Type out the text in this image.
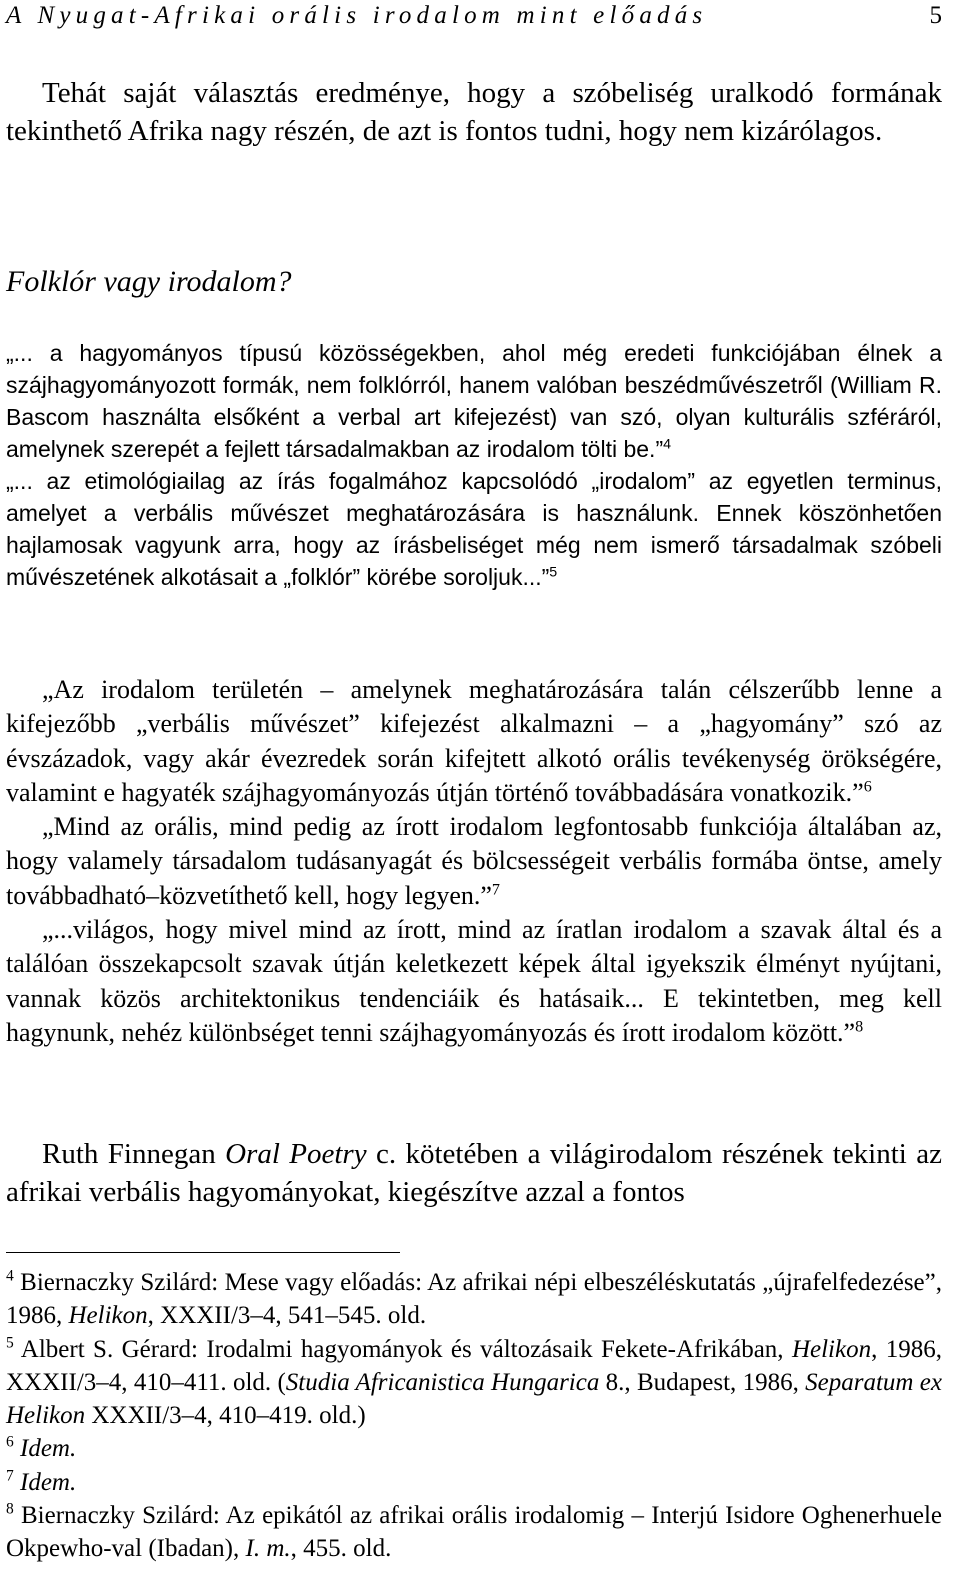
A Nyugat-Afrikai orális irodalom mint előadás	5

Tehát saját választás eredménye, hogy a szóbeliség uralkodó formának tekinthető Afrika nagy részén, de azt is fontos tudni, hogy nem kizárólagos.

Folklór vagy irodalom?

„... a hagyományos típusú közösségekben, ahol még eredeti funkciójában élnek a szájhagyományozott formák, nem folklórról, hanem valóban beszédművészetről (William R. Bascom használta elsőként a verbal art kifejezést) van szó, olyan kulturális szféráról, amelynek szerepét a fejlett társadalmakban az irodalom tölti be.”$^4$

„... az etimológiailag az írás fogalmához kapcsolódó „irodalom” az egyetlen terminus, amelyet a verbális művészet meghatározására is használunk. Ennek köszönhetően hajlamosak vagyunk arra, hogy az írásbeliséget még nem ismerő társadalmak szóbeli művészetének alkotásait a „folklór” körébe soroljuk...”$^5$

„Az irodalom területén – amelynek meghatározására talán célszerűbb lenne a kifejezőbb „verbális művészet” kifejezést alkalmazni – a „hagyomány” szó az évszázadok, vagy akár évezredek során kifejtett alkotó orális tevékenység örökségére, valamint e hagyaték szájhagyományozás útján történő továbbadására vonatkozik.”$^6$

„Mind az orális, mind pedig az írott irodalom legfontosabb funkciója általában az, hogy valamely társadalom tudásanyagát és bölcsességeit verbális formába öntse, amely továbbadható–közvetíthető kell, hogy legyen.”$^7$

„...világos, hogy mivel mind az írott, mind az íratlan irodalom a szavak által és a találóan összekapcsolt szavak útján keletkezett képek által igyekszik élményt nyújtani, vannak közös architektonikus tendenciáik és hatásaik... E tekintetben, meg kell hagynunk, nehéz különbséget tenni szájhagyományozás és írott irodalom között.”$^8$

Ruth Finnegan Oral Poetry c. kötetében a világirodalom részének tekinti az afrikai verbális hagyományokat, kiegészítve azzal a fontos

$^4$ Biernaczky Szilárd: Mese vagy előadás: Az afrikai népi elbeszéléskutatás „újrafelfedezése”, 1986, Helikon, XXXII/3–4, 541–545. old.

$^5$ Albert S. Gérard: Irodalmi hagyományok és változásaik Fekete-Afrikában, Helikon, 1986, XXXII/3–4, 410–411. old. (Studia Africanistica Hungarica 8., Budapest, 1986, Separatum ex Helikon XXXII/3–4, 410–419. old.)

$^6$ Idem.

$^7$ Idem.

$^8$ Biernaczky Szilárd: Az epikától az afrikai orális irodalomig – Interjú Isidore Oghenerhuele Okpewho-val (Ibadan), I. m., 455. old.
